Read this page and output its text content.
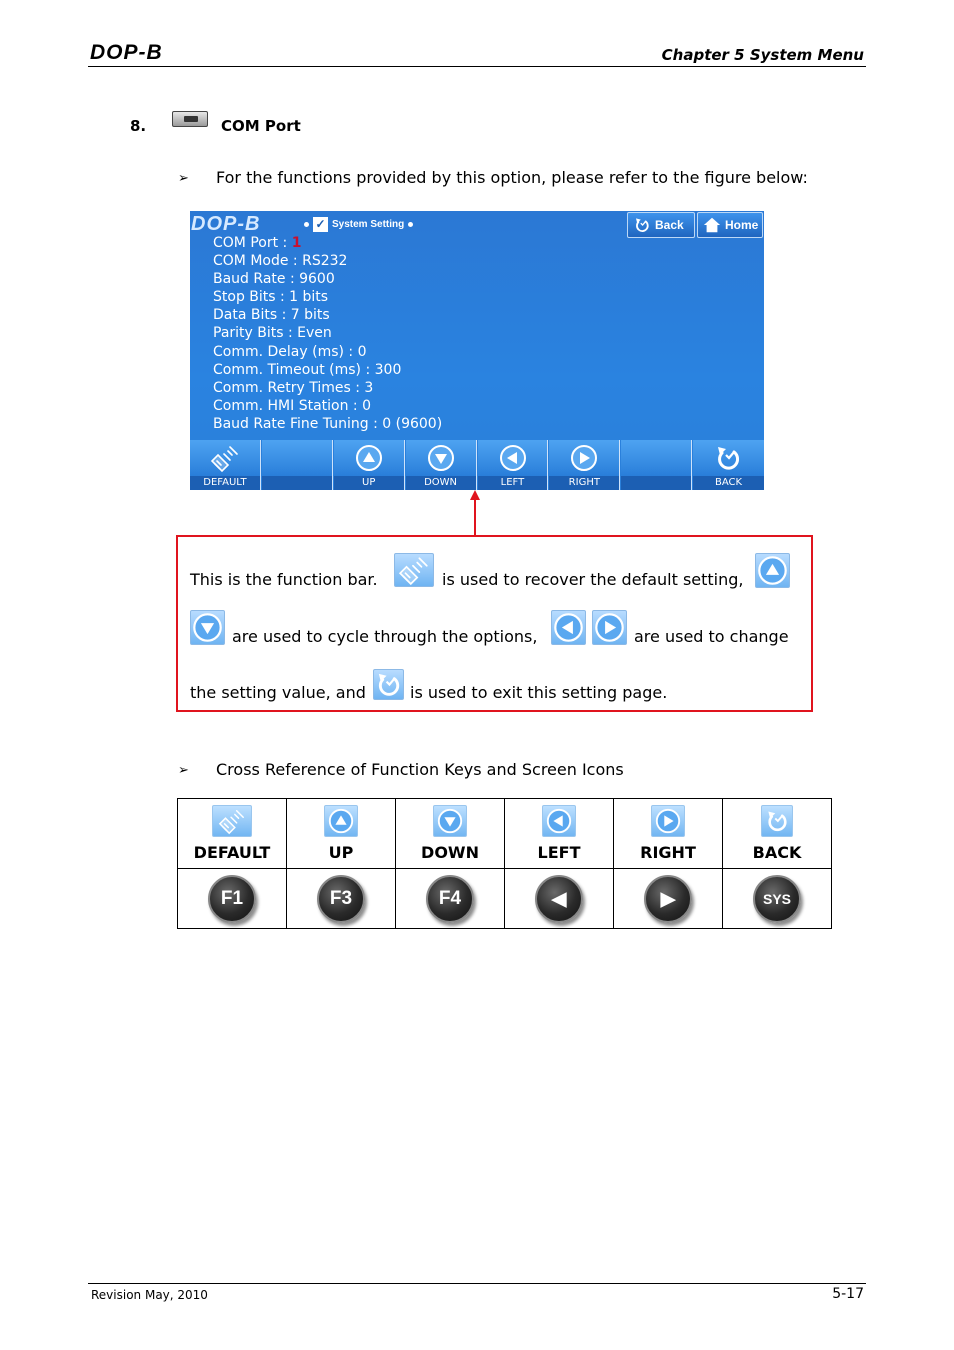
DOP-B	Chapter 5 System Menu
8.	COM Port
➢ For the functions provided by this option, please refer to the figure below:
DOP-B	✓ System Setting	Back	Home
COM Port : 1
COM Mode : RS232
Baud Rate : 9600
Stop Bits : 1 bits
Data Bits : 7 bits
Parity Bits : Even
Comm. Delay (ms) : 0
Comm. Timeout (ms) : 300
Comm. Retry Times : 3
Comm. HMI Station : 0
Baud Rate Fine Tuning : 0 (9600)
DEFAULT	UP	DOWN	LEFT	RIGHT	BACK
This is the function bar.	is used to recover the default setting,
are used to cycle through the options,	are used to change
the setting value, and	is used to exit this setting page.
➢ Cross Reference of Function Keys and Screen Icons
DEFAULT	UP	DOWN	LEFT	RIGHT	BACK

F1	F3	F4	◀	▶	SYS
Revision May, 2010	5-17
